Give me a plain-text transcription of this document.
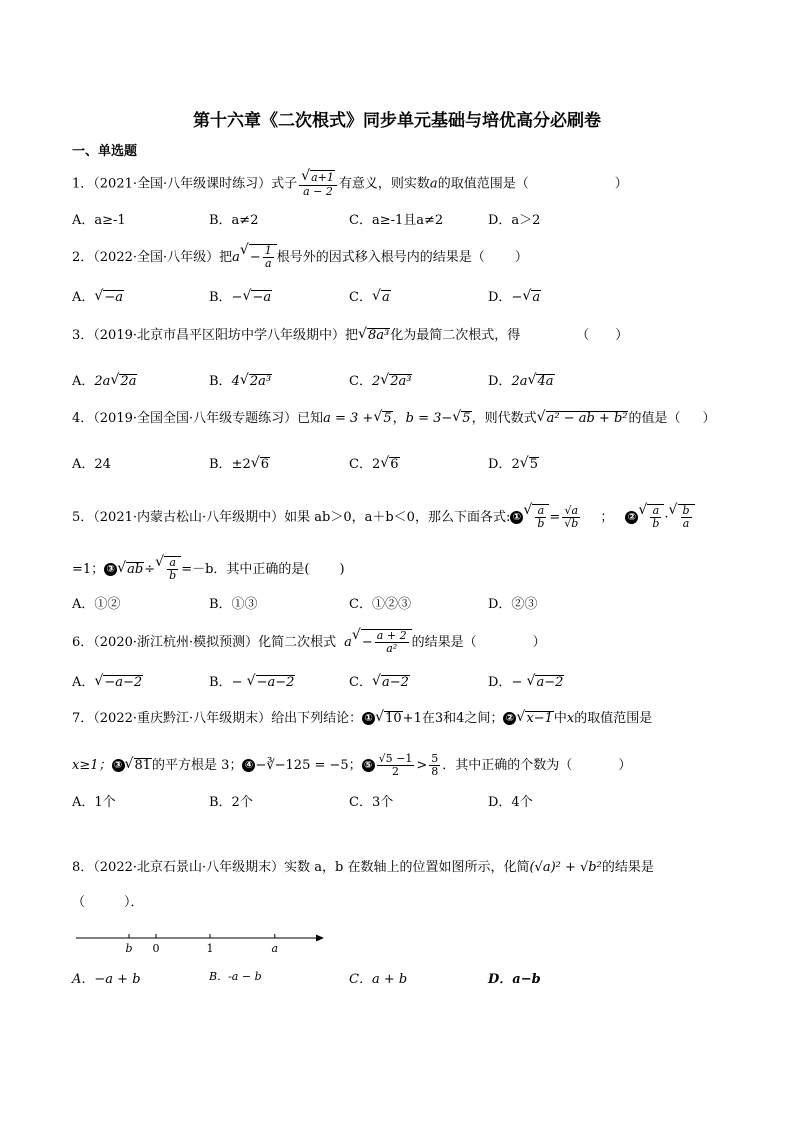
第十六章《二次根式》同步单元基础与培优高分必刷卷
一、单选题
1．（2021·全国·八年级课时练习）式子
√ $\frac{a+1}{a - 2}$ 有意义，则实数a的取值范围是（	）
A．a≥-1	B．a≠2	C．a≥-1且a≠2	D．a＞2
2．（2022·全国·八年级）把$a√ - \frac{1}{a}$ 根号外的因式移入根号内的结果是（ ）
A．√ −a	B．−√ −a	C．√ a	D．−√ a
3．（2019·北京市昌平区阳坊中学八年级期中）把√ 8a³化为最简二次根式，得	（ ）
A．2a√ 2a	B．4√ 2a³	C．2√ 2a³	D．2a√ 4a
4．（2019·全国全国·八年级专题练习）已知a = 3 +√ 5，b = 3−√ 5，则代数式√ a² − ab + b²的值是（ ）
A．24	B．±2√ 6	C．2√ 6	D．2√ 5
5．（2021·内蒙古松山·八年级期中）如果 ab＞0，a＋b＜0，那么下面各式: ①
√ $\frac{a}{b} = \frac{√a}{√b}$ ； ②
√ $\frac{a}{b}$ ·
√ $\frac{b}{a}$
=1； ③√ ab÷
√ $\frac{a}{b} =-b$．其中正确的是( )
A．①②	B．①③	C．①②③	D．②③
6．（2020·浙江杭州·模拟预测）化简二次根式 $a√ - \frac{a + 2}{\text{a²}}$ 的结果是（	）
A．√ −a−2	B．− √ −a−2	C．√ a−2	D．− √ a−2
7．（2022·重庆黔江·八年级期末）给出下列结论： ①√ 10+1在3和4之间； ②√ x−1中x的取值范围是
x≥1； ③√ 81的平方根是 3； ④ −∛−125 = −5； ⑤ $\frac{√5 -1}{2} > \frac{5}{8}$ ．其中正确的个数为（	）
A．1个	B．2个	C．3个	D．4个
8．（2022·北京石景山·八年级期末）实数 a，b 在数轴上的位置如图所示，化简(√a)² + √b²的结果是
（　　　）．
b 0	1	a
A．−a + b	B．-a − b	C．a + b	D．a−b
